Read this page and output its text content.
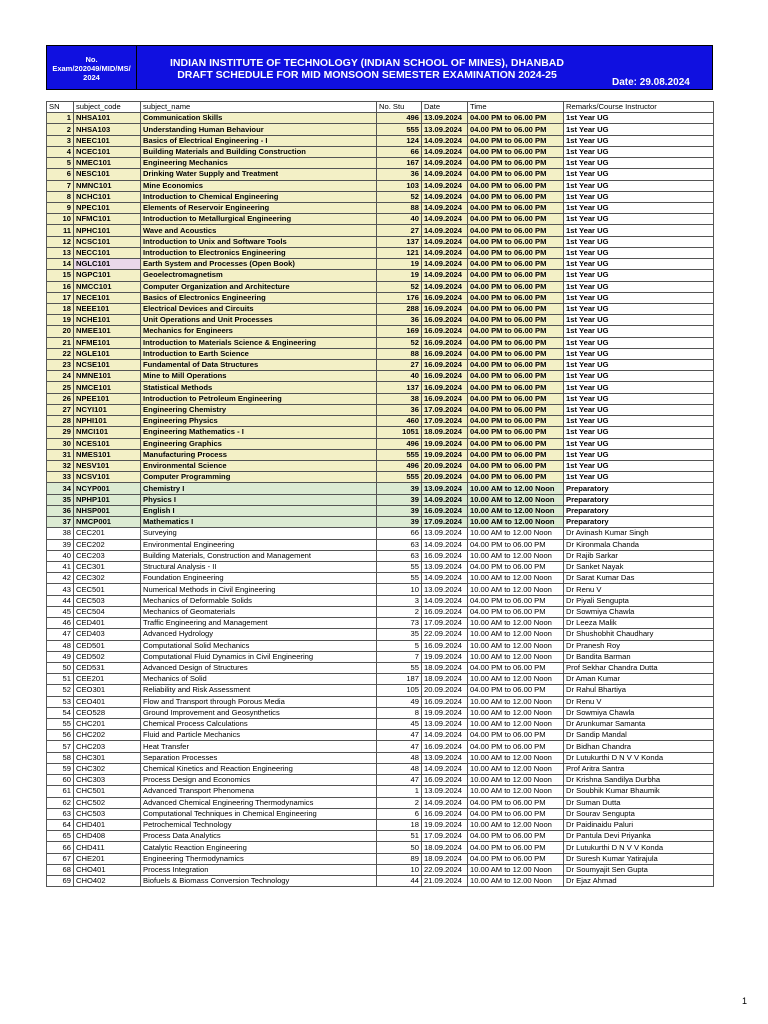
No. Exam/202049/MID/MS/ 2024
INDIAN INSTITUTE OF TECHNOLOGY (INDIAN SCHOOL OF MINES), DHANBAD
DRAFT SCHEDULE FOR MID MONSOON SEMESTER EXAMINATION 2024-25
Date: 29.08.2024
SN	subject_code	subject_name	No. Stu	Date	Time	Remarks/Course Instructor
1	NHSA101	Communication Skills	496	13.09.2024	04.00 PM to 06.00 PM	1st Year UG
2	NHSA103	Understanding Human Behaviour	555	13.09.2024	04.00 PM to 06.00 PM	1st Year UG
3	NEEC101	Basics of Electrical Engineering - I	124	14.09.2024	04.00 PM to 06.00 PM	1st Year UG
4	NCEC101	Building Materials and Building Construction	66	14.09.2024	04.00 PM to 06.00 PM	1st Year UG
5	NMEC101	Engineering Mechanics	167	14.09.2024	04.00 PM to 06.00 PM	1st Year UG
6	NESC101	Drinking Water Supply and Treatment	36	14.09.2024	04.00 PM to 06.00 PM	1st Year UG
7	NMNC101	Mine Economics	103	14.09.2024	04.00 PM to 06.00 PM	1st Year UG
8	NCHC101	Introduction to Chemical Engineering	52	14.09.2024	04.00 PM to 06.00 PM	1st Year UG
9	NPEC101	Elements of Reservoir Engineering	88	14.09.2024	04.00 PM to 06.00 PM	1st Year UG
10	NFMC101	Introduction to Metallurgical Engineering	40	14.09.2024	04.00 PM to 06.00 PM	1st Year UG
11	NPHC101	Wave and Acoustics	27	14.09.2024	04.00 PM to 06.00 PM	1st Year UG
12	NCSC101	Introduction to Unix and Software Tools	137	14.09.2024	04.00 PM to 06.00 PM	1st Year UG
13	NECC101	Introduction to Electronics Engineering	121	14.09.2024	04.00 PM to 06.00 PM	1st Year UG
14	NGLC101	Earth System and Processes (Open Book)	19	14.09.2024	04.00 PM to 06.00 PM	1st Year UG
15	NGPC101	Geoelectromagnetism	19	14.09.2024	04.00 PM to 06.00 PM	1st Year UG
16	NMCC101	Computer Organization and Architecture	52	14.09.2024	04.00 PM to 06.00 PM	1st Year UG
17	NECE101	Basics of Electronics Engineering	176	16.09.2024	04.00 PM to 06.00 PM	1st Year UG
18	NEEE101	Electrical Devices and Circuits	288	16.09.2024	04.00 PM to 06.00 PM	1st Year UG
19	NCHE101	Unit Operations and Unit Processes	36	16.09.2024	04.00 PM to 06.00 PM	1st Year UG
20	NMEE101	Mechanics for Engineers	169	16.09.2024	04.00 PM to 06.00 PM	1st Year UG
21	NFME101	Introduction to Materials Science & Engineering	52	16.09.2024	04.00 PM to 06.00 PM	1st Year UG
22	NGLE101	Introduction to Earth Science	88	16.09.2024	04.00 PM to 06.00 PM	1st Year UG
23	NCSE101	Fundamental of Data Structures	27	16.09.2024	04.00 PM to 06.00 PM	1st Year UG
24	NMNE101	Mine to Mill Operations	40	16.09.2024	04.00 PM to 06.00 PM	1st Year UG
25	NMCE101	Statistical Methods	137	16.09.2024	04.00 PM to 06.00 PM	1st Year UG
26	NPEE101	Introduction to Petroleum Engineering	38	16.09.2024	04.00 PM to 06.00 PM	1st Year UG
27	NCYI101	Engineering Chemistry	36	17.09.2024	04.00 PM to 06.00 PM	1st Year UG
28	NPHI101	Engineering Physics	460	17.09.2024	04.00 PM to 06.00 PM	1st Year UG
29	NMCI101	Engineering Mathematics - I	1051	18.09.2024	04.00 PM to 06.00 PM	1st Year UG
30	NCES101	Engineering Graphics	496	19.09.2024	04.00 PM to 06.00 PM	1st Year UG
31	NMES101	Manufacturing Process	555	19.09.2024	04.00 PM to 06.00 PM	1st Year UG
32	NESV101	Environmental Science	496	20.09.2024	04.00 PM to 06.00 PM	1st Year UG
33	NCSV101	Computer Programming	555	20.09.2024	04.00 PM to 06.00 PM	1st Year UG
34	NCYP001	Chemistry I	39	13.09.2024	10.00 AM to 12.00 Noon	Preparatory
35	NPHP101	Physics I	39	14.09.2024	10.00 AM to 12.00 Noon	Preparatory
36	NHSP001	English I	39	16.09.2024	10.00 AM to 12.00 Noon	Preparatory
37	NMCP001	Mathematics I	39	17.09.2024	10.00 AM to 12.00 Noon	Preparatory
38	CEC201	Surveying	66	13.09.2024	10.00 AM to 12.00 Noon	Dr Avinash Kumar Singh
39	CEC202	Environmental Engineering	63	14.09.2024	04.00 PM to 06.00 PM	Dr Kironmala Chanda
40	CEC203	Building Materials, Construction and Management	63	16.09.2024	10.00 AM to 12.00 Noon	Dr Rajib Sarkar
41	CEC301	Structural Analysis - II	55	13.09.2024	04.00 PM to 06.00 PM	Dr Sanket Nayak
42	CEC302	Foundation Engineering	55	14.09.2024	10.00 AM to 12.00 Noon	Dr Sarat Kumar Das
43	CEC501	Numerical Methods in Civil Engineering	10	13.09.2024	10.00 AM to 12.00 Noon	Dr Renu V
44	CEC503	Mechanics of Deformable Solids	3	14.09.2024	04.00 PM to 06.00 PM	Dr Piyali Sengupta
45	CEC504	Mechanics of Geomaterials	2	16.09.2024	04.00 PM to 06.00 PM	Dr Sowmiya Chawla
46	CED401	Traffic Engineering and Management	73	17.09.2024	10.00 AM to 12.00 Noon	Dr Leeza Malik
47	CED403	Advanced Hydrology	35	22.09.2024	10.00 AM to 12.00 Noon	Dr Shushobhit Chaudhary
48	CED501	Computational Solid Mechanics	5	16.09.2024	10.00 AM to 12.00 Noon	Dr Pranesh Roy
49	CED502	Computational Fluid Dynamics in Civil Engineering	7	19.09.2024	10.00 AM to 12.00 Noon	Dr Bandita Barman
50	CED531	Advanced Design of Structures	55	18.09.2024	04.00 PM to 06.00 PM	Prof Sekhar Chandra Dutta
51	CEE201	Mechanics of Solid	187	18.09.2024	10.00 AM to 12.00 Noon	Dr Aman Kumar
52	CEO301	Reliability and Risk Assessment	105	20.09.2024	04.00 PM to 06.00 PM	Dr Rahul Bhartiya
53	CEO401	Flow and Transport through Porous Media	49	16.09.2024	10.00 AM to 12.00 Noon	Dr Renu V
54	CEO528	Ground Improvement and Geosynthetics	8	19.09.2024	10.00 AM to 12.00 Noon	Dr Sowmiya Chawla
55	CHC201	Chemical Process Calculations	45	13.09.2024	10.00 AM to 12.00 Noon	Dr Arunkumar Samanta
56	CHC202	Fluid and Particle Mechanics	47	14.09.2024	04.00 PM to 06.00 PM	Dr Sandip Mandal
57	CHC203	Heat Transfer	47	16.09.2024	04.00 PM to 06.00 PM	Dr Bidhan Chandra
58	CHC301	Separation Processes	48	13.09.2024	10.00 AM to 12.00 Noon	Dr Lutukurthi D N V V Konda
59	CHC302	Chemical Kinetics and Reaction Engineering	48	14.09.2024	10.00 AM to 12.00 Noon	Prof Aritra Santra
60	CHC303	Process Design and Economics	47	16.09.2024	10.00 AM to 12.00 Noon	Dr Krishna Sandilya Durbha
61	CHC501	Advanced Transport Phenomena	1	13.09.2024	10.00 AM to 12.00 Noon	Dr Soubhik Kumar Bhaumik
62	CHC502	Advanced Chemical Engineering Thermodynamics	2	14.09.2024	04.00 PM to 06.00 PM	Dr Suman Dutta
63	CHC503	Computational Techniques in Chemical Engineering	6	16.09.2024	04.00 PM to 06.00 PM	Dr Sourav Sengupta
64	CHD401	Petrochemical Technology	18	19.09.2024	10.00 AM to 12.00 Noon	Dr Paidinaidu Paluri
65	CHD408	Process Data Analytics	51	17.09.2024	04.00 PM to 06.00 PM	Dr Pantula Devi Priyanka
66	CHD411	Catalytic Reaction Engineering	50	18.09.2024	04.00 PM to 06.00 PM	Dr Lutukurthi D N V V Konda
67	CHE201	Engineering Thermodynamics	89	18.09.2024	04.00 PM to 06.00 PM	Dr Suresh Kumar Yatirajula
68	CHO401	Process Integration	10	22.09.2024	10.00 AM to 12.00 Noon	Dr Soumyajit Sen Gupta
69	CHO402	Biofuels & Biomass Conversion Technology	44	21.09.2024	10.00 AM to 12.00 Noon	Dr Ejaz Ahmad
1
